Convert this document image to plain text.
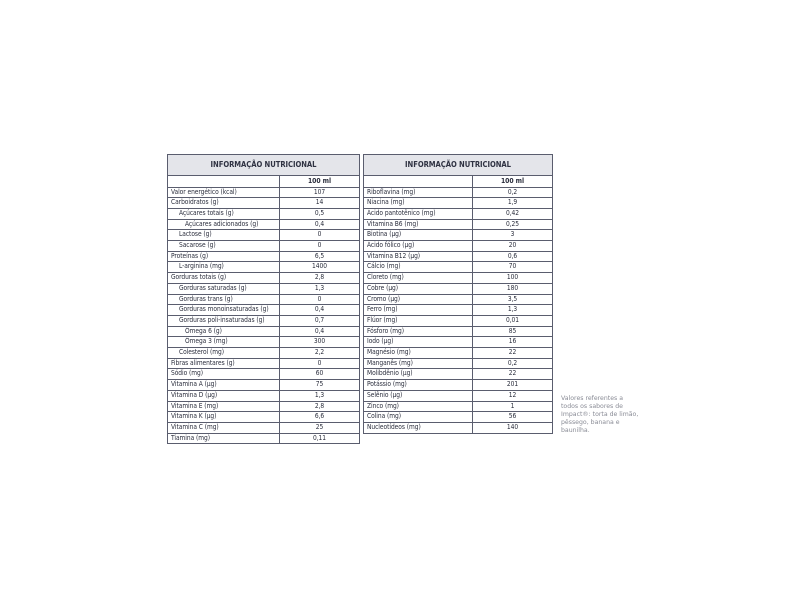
INFORMAÇÃO NUTRICIONAL	
	100 ml
Valor energético (kcal)	107
Carboidratos (g)	14
Açúcares totais (g)	0,5
Açúcares adicionados (g)	0,4
Lactose (g)	0
Sacarose (g)	0
Proteínas (g)	6,5
L-arginina (mg)	1400
Gorduras totais (g)	2,8
Gorduras saturadas (g)	1,3
Gorduras trans (g)	0
Gorduras monoinsaturadas (g)	0,4
Gorduras poli-insaturadas (g)	0,7
Ômega 6 (g)	0,4
Ômega 3 (mg)	300
Colesterol (mg)	2,2
Fibras alimentares (g)	0
Sódio (mg)	60
Vitamina A (µg)	75
Vitamina D (µg)	1,3
Vitamina E (mg)	2,8
Vitamina K (µg)	6,6
Vitamina C (mg)	25
Tiamina (mg)	0,11
INFORMAÇÃO NUTRICIONAL	
	100 ml
Riboflavina (mg)	0,2
Niacina (mg)	1,9
Ácido pantotênico (mg)	0,42
Vitamina B6 (mg)	0,25
Biotina (µg)	3
Ácido fólico (µg)	20
Vitamina B12 (µg)	0,6
Cálcio (mg)	70
Cloreto (mg)	100
Cobre (µg)	180
Cromo (µg)	3,5
Ferro (mg)	1,3
Flúor (mg)	0,01
Fósforo (mg)	85
Iodo (µg)	16
Magnésio (mg)	22
Manganês (mg)	0,2
Molibdênio (µg)	22
Potássio (mg)	201
Selênio (µg)	12
Zinco (mg)	1
Colina (mg)	56
Nucleotídeos (mg)	140
Valores referentes a
todos os sabores de
Impact®: torta de limão,
pêssego, banana e
baunilha.
